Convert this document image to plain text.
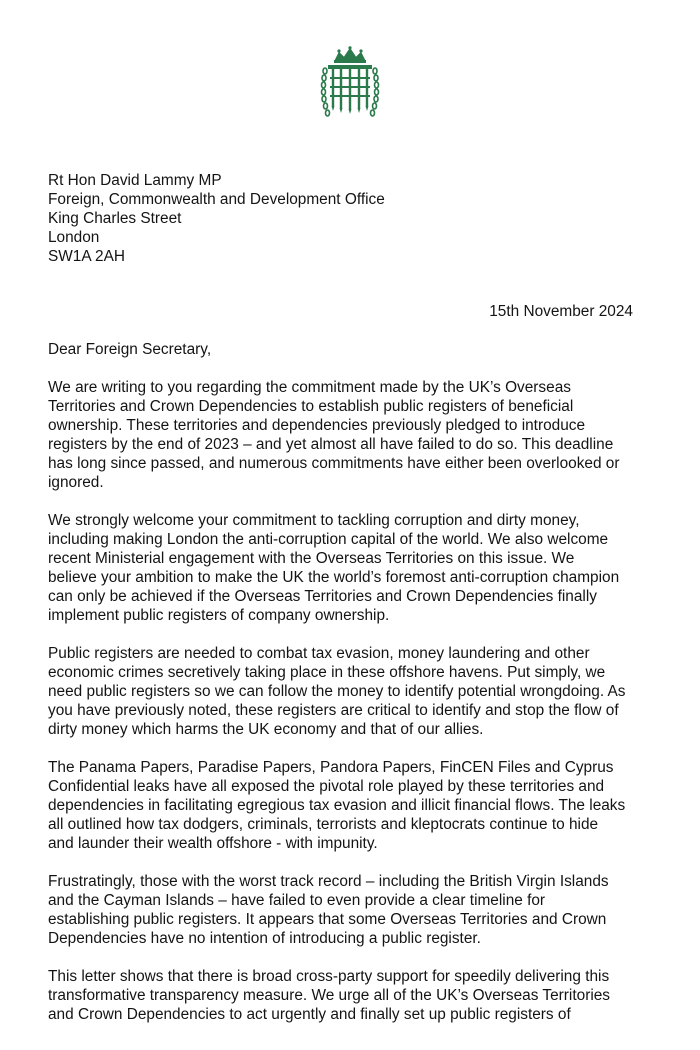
Rt Hon David Lammy MP
Foreign, Commonwealth and Development Office
King Charles Street
London
SW1A 2AH
15th November 2024
Dear Foreign Secretary,
We are writing to you regarding the commitment made by the UK’s Overseas
Territories and Crown Dependencies to establish public registers of beneficial
ownership. These territories and dependencies previously pledged to introduce
registers by the end of 2023 – and yet almost all have failed to do so. This deadline
has long since passed, and numerous commitments have either been overlooked or
ignored.
We strongly welcome your commitment to tackling corruption and dirty money,
including making London the anti-corruption capital of the world. We also welcome
recent Ministerial engagement with the Overseas Territories on this issue. We
believe your ambition to make the UK the world’s foremost anti-corruption champion
can only be achieved if the Overseas Territories and Crown Dependencies finally
implement public registers of company ownership.
Public registers are needed to combat tax evasion, money laundering and other
economic crimes secretively taking place in these offshore havens. Put simply, we
need public registers so we can follow the money to identify potential wrongdoing. As
you have previously noted, these registers are critical to identify and stop the flow of
dirty money which harms the UK economy and that of our allies.
The Panama Papers, Paradise Papers, Pandora Papers, FinCEN Files and Cyprus
Confidential leaks have all exposed the pivotal role played by these territories and
dependencies in facilitating egregious tax evasion and illicit financial flows. The leaks
all outlined how tax dodgers, criminals, terrorists and kleptocrats continue to hide
and launder their wealth offshore - with impunity.
Frustratingly, those with the worst track record – including the British Virgin Islands
and the Cayman Islands – have failed to even provide a clear timeline for
establishing public registers. It appears that some Overseas Territories and Crown
Dependencies have no intention of introducing a public register.
This letter shows that there is broad cross-party support for speedily delivering this
transformative transparency measure. We urge all of the UK’s Overseas Territories
and Crown Dependencies to act urgently and finally set up public registers of
